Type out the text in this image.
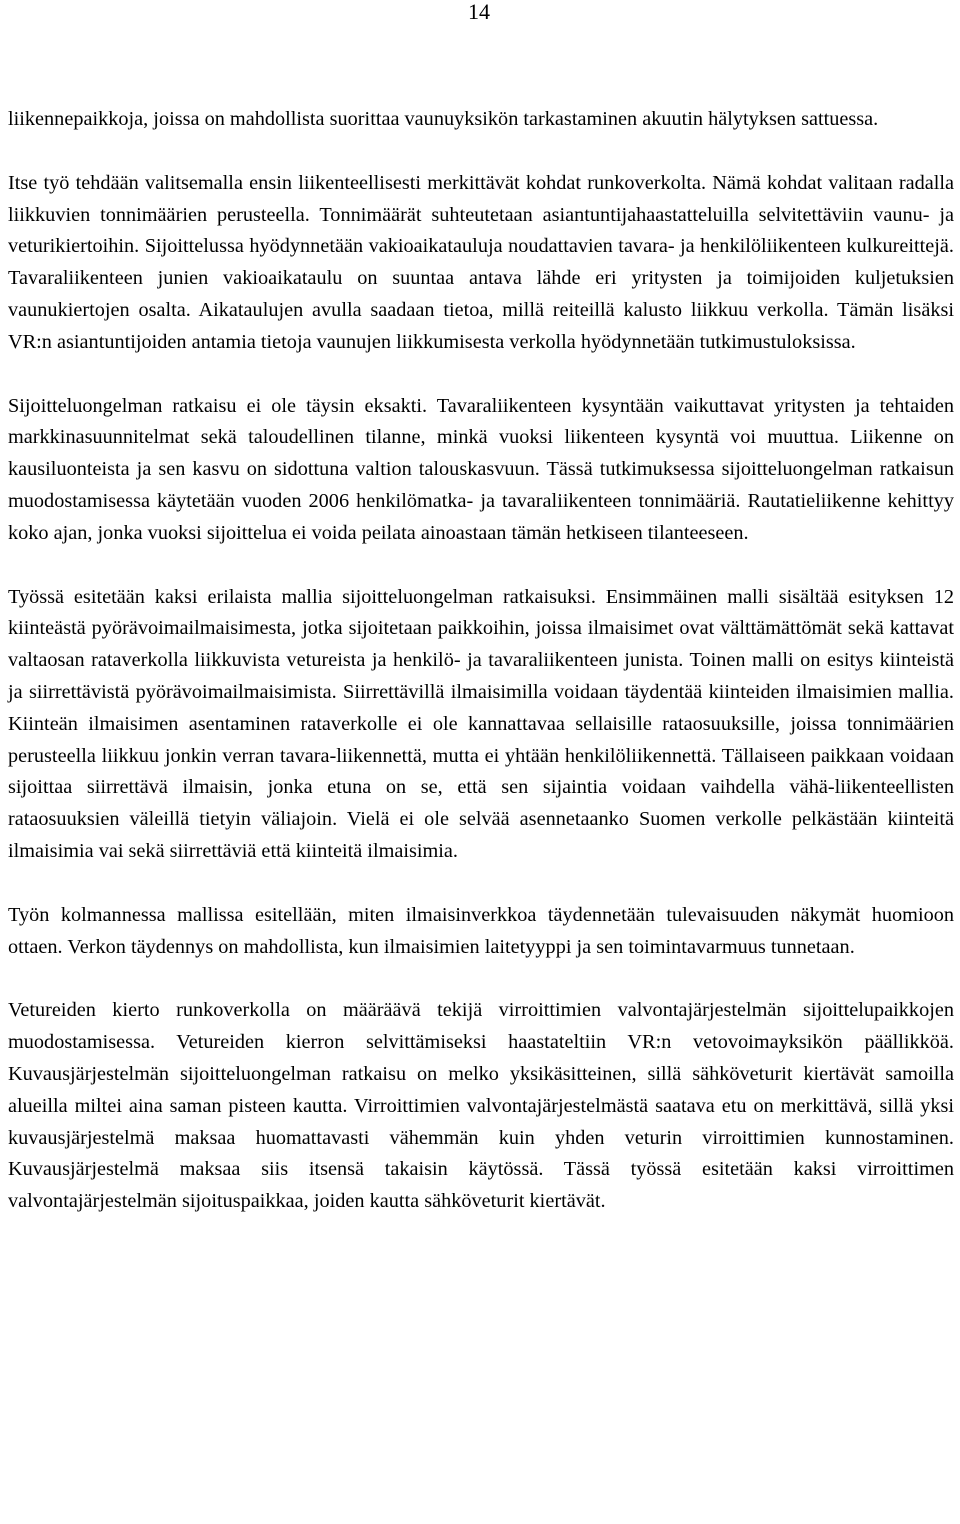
14

liikennepaikkoja, joissa on mahdollista suorittaa vaunuyksikön tarkastaminen akuutin hälytyksen sattuessa.

Itse työ tehdään valitsemalla ensin liikenteellisesti merkittävät kohdat runkoverkolta. Nämä kohdat valitaan radalla liikkuvien tonnimäärien perusteella. Tonnimäärät suhteutetaan asiantuntijahaastatteluilla selvitettäviin vaunu- ja veturikiertoihin. Sijoittelussa hyödynnetään vakioaikatauluja noudattavien tavara- ja henkilöliikenteen kulkureittejä. Tavaraliikenteen junien vakioaikataulu on suuntaa antava lähde eri yritysten ja toimijoiden kuljetuksien vaunukiertojen osalta. Aikataulujen avulla saadaan tietoa, millä reiteillä kalusto liikkuu verkolla. Tämän lisäksi VR:n asiantuntijoiden antamia tietoja vaunujen liikkumisesta verkolla hyödynnetään tutkimustuloksissa.

Sijoitteluongelman ratkaisu ei ole täysin eksakti. Tavaraliikenteen kysyntään vaikuttavat yritysten ja tehtaiden markkinasuunnitelmat sekä taloudellinen tilanne, minkä vuoksi liikenteen kysyntä voi muuttua. Liikenne on kausiluonteista ja sen kasvu on sidottuna valtion talouskasvuun. Tässä tutkimuksessa sijoitteluongelman ratkaisun muodostamisessa käytetään vuoden 2006 henkilömatka- ja tavaraliikenteen tonnimääriä. Rautatieliikenne kehittyy koko ajan, jonka vuoksi sijoittelua ei voida peilata ainoastaan tämän hetkiseen tilanteeseen.

Työssä esitetään kaksi erilaista mallia sijoitteluongelman ratkaisuksi. Ensimmäinen malli sisältää esityksen 12 kiinteästä pyörävoimailmaisimesta, jotka sijoitetaan paikkoihin, joissa ilmaisimet ovat välttämättömät sekä kattavat valtaosan rataverkolla liikkuvista vetureista ja henkilö- ja tavaraliikenteen junista. Toinen malli on esitys kiinteistä ja siirrettävistä pyörävoimailmaisimista. Siirrettävillä ilmaisimilla voidaan täydentää kiinteiden ilmaisimien mallia. Kiinteän ilmaisimen asentaminen rataverkolle ei ole kannattavaa sellaisille rataosuuksille, joissa tonnimäärien perusteella liikkuu jonkin verran tavara-liikennettä, mutta ei yhtään henkilöliikennettä. Tällaiseen paikkaan voidaan sijoittaa siirrettävä ilmaisin, jonka etuna on se, että sen sijaintia voidaan vaihdella vähä-liikenteellisten rataosuuksien väleillä tietyin väliajoin. Vielä ei ole selvää asennetaanko Suomen verkolle pelkästään kiinteitä ilmaisimia vai sekä siirrettäviä että kiinteitä ilmaisimia.

Työn kolmannessa mallissa esitellään, miten ilmaisinverkkoa täydennetään tulevaisuuden näkymät huomioon ottaen. Verkon täydennys on mahdollista, kun ilmaisimien laitetyyppi ja sen toimintavarmuus tunnetaan.

Vetureiden kierto runkoverkolla on määräävä tekijä virroittimien valvontajärjestelmän sijoittelupaikkojen muodostamisessa. Vetureiden kierron selvittämiseksi haastateltiin VR:n vetovoimayksikön päällikköä. Kuvausjärjestelmän sijoitteluongelman ratkaisu on melko yksikäsitteinen, sillä sähköveturit kiertävät samoilla alueilla miltei aina saman pisteen kautta. Virroittimien valvontajärjestelmästä saatava etu on merkittävä, sillä yksi kuvausjärjestelmä maksaa huomattavasti vähemmän kuin yhden veturin virroittimien kunnostaminen. Kuvausjärjestelmä maksaa siis itsensä takaisin käytössä. Tässä työssä esitetään kaksi virroittimen valvontajärjestelmän sijoituspaikkaa, joiden kautta sähköveturit kiertävät.
